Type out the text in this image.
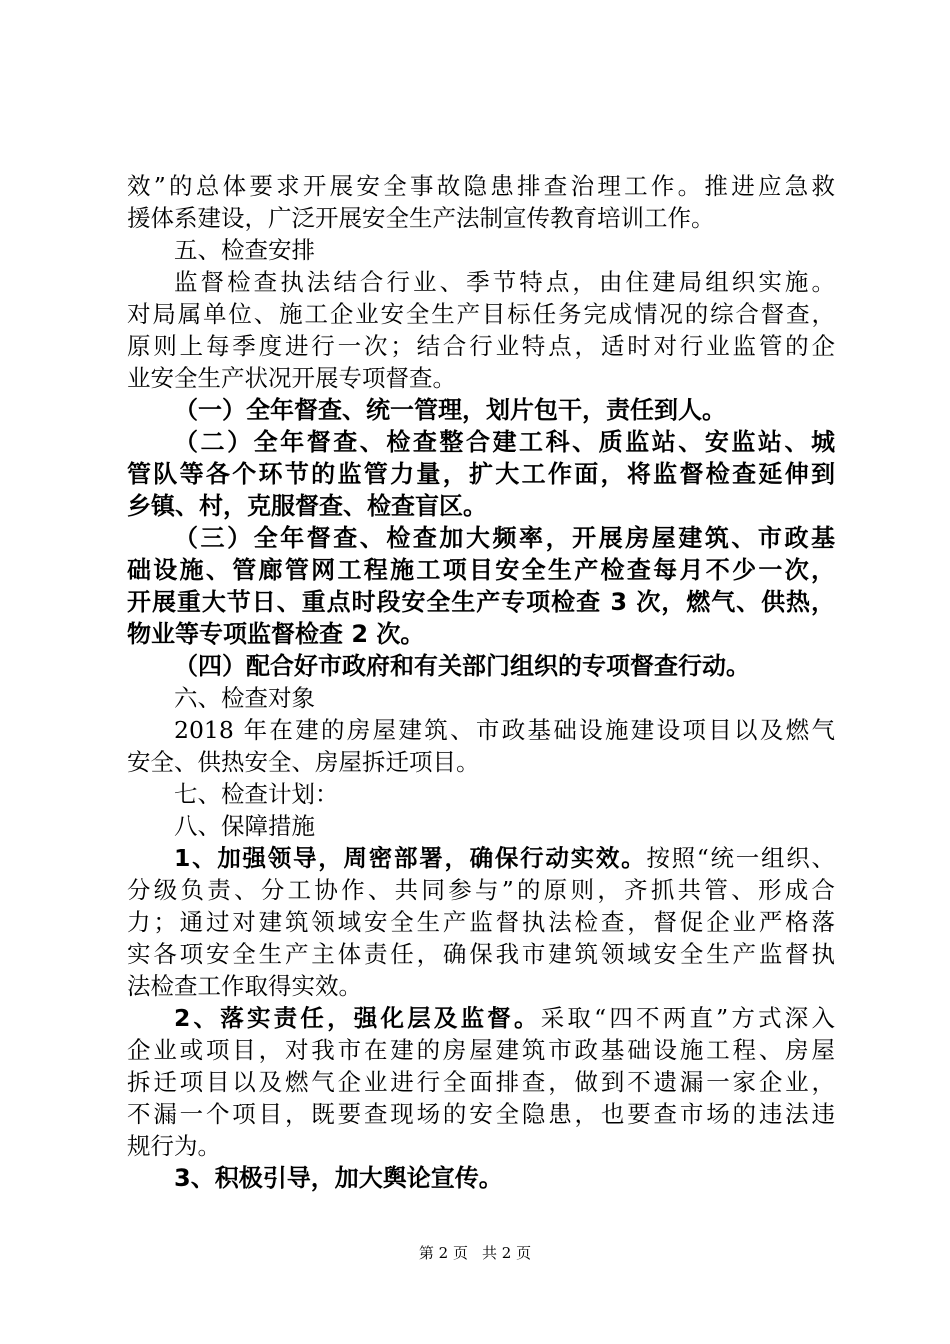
效”的总体要求开展安全事故隐患排查治理工作。推进应急救
援体系建设，广泛开展安全生产法制宣传教育培训工作。
五、检查安排
监督检查执法结合行业、季节特点，由住建局组织实施。
对局属单位、施工企业安全生产目标任务完成情况的综合督查，
原则上每季度进行一次；结合行业特点，适时对行业监管的企
业安全生产状况开展专项督查。
（一）全年督查、统一管理，划片包干，责任到人。
（二）全年督查、检查整合建工科、质监站、安监站、城
管队等各个环节的监管力量，扩大工作面，将监督检查延伸到
乡镇、村，克服督查、检查盲区。
（三）全年督查、检查加大频率，开展房屋建筑、市政基
础设施、管廊管网工程施工项目安全生产检查每月不少一次，
开展重大节日、重点时段安全生产专项检查 3 次，燃气、供热，
物业等专项监督检查 2 次。
（四）配合好市政府和有关部门组织的专项督查行动。
六、检查对象
2018 年在建的房屋建筑、市政基础设施建设项目以及燃气
安全、供热安全、房屋拆迁项目。
七、检查计划：
八、保障措施
1、加强领导，周密部署，确保行动实效。按照“统一组织、
分级负责、分工协作、共同参与”的原则，齐抓共管、形成合
力；通过对建筑领域安全生产监督执法检查，督促企业严格落
实各项安全生产主体责任，确保我市建筑领域安全生产监督执
法检查工作取得实效。
2、落实责任，强化层及监督。采取“四不两直”方式深入
企业或项目，对我市在建的房屋建筑市政基础设施工程、房屋
拆迁项目以及燃气企业进行全面排查，做到不遗漏一家企业，
不漏一个项目，既要查现场的安全隐患，也要查市场的违法违
规行为。
3、积极引导，加大舆论宣传。
第 2 页 共 2 页
